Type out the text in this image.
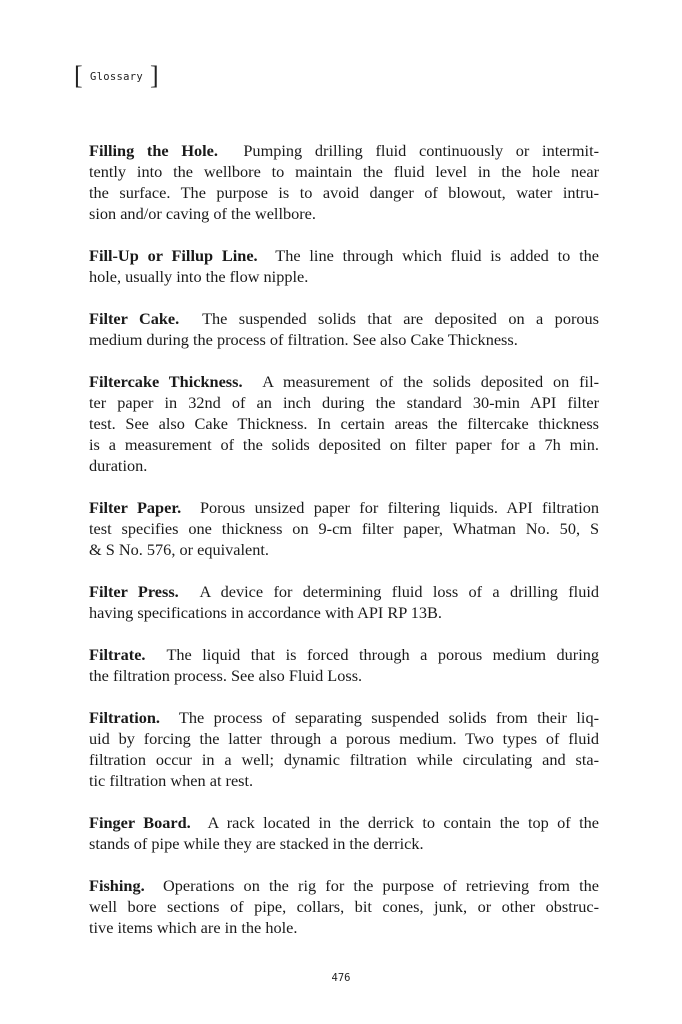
[ Glossary ]
Filling the Hole. Pumping drilling fluid continuously or intermit-
tently into the wellbore to maintain the fluid level in the hole near
the surface. The purpose is to avoid danger of blowout, water intru-
sion and/or caving of the wellbore.
Fill-Up or Fillup Line. The line through which fluid is added to the
hole, usually into the flow nipple.
Filter Cake. The suspended solids that are deposited on a porous
medium during the process of filtration. See also Cake Thickness.
Filtercake Thickness. A measurement of the solids deposited on fil-
ter paper in 32nd of an inch during the standard 30-min API filter
test. See also Cake Thickness. In certain areas the filtercake thickness
is a measurement of the solids deposited on filter paper for a 7h min.
duration.
Filter Paper. Porous unsized paper for filtering liquids. API filtration
test specifies one thickness on 9-cm filter paper, Whatman No. 50, S
& S No. 576, or equivalent.
Filter Press. A device for determining fluid loss of a drilling fluid
having specifications in accordance with API RP 13B.
Filtrate. The liquid that is forced through a porous medium during
the filtration process. See also Fluid Loss.
Filtration. The process of separating suspended solids from their liq-
uid by forcing the latter through a porous medium. Two types of fluid
filtration occur in a well; dynamic filtration while circulating and sta-
tic filtration when at rest.
Finger Board. A rack located in the derrick to contain the top of the
stands of pipe while they are stacked in the derrick.
Fishing. Operations on the rig for the purpose of retrieving from the
well bore sections of pipe, collars, bit cones, junk, or other obstruc-
tive items which are in the hole.
476
